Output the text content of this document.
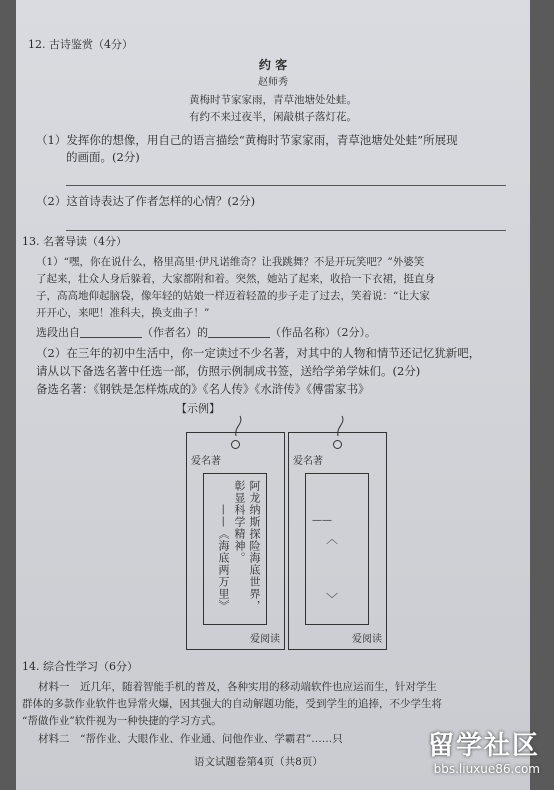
12. 古诗鉴赏（4分）
约 客
赵师秀
黄梅时节家家雨，青草池塘处处蛙。
有约不来过夜半，闲敲棋子落灯花。
（1）发挥你的想像，用自己的语言描绘“黄梅时节家家雨，青草池塘处处蛙”所展现
的画面。(2分)
（2）这首诗表达了作者怎样的心情？(2分)
13. 名著导读（4分）
（1）“嘿，你在说什么，格里高里·伊凡诺维奇？让我跳舞？不是开玩笑吧？”外婆笑
了起来，壮众人身后躲着，大家都附和着。突然，她站了起来，收拾一下衣裙，挺直身
子，高高地仰起脑袋，像年轻的姑娘一样迈着轻盈的步子走了过去，笑着说：“让大家
开开心，来吧！准科夫，换支曲子！”
选段出自	（作者名）的	（作品名称）（2分）。
（2）在三年的初中生活中，你一定读过不少名著，对其中的人物和情节还记忆犹新吧，
请从以下备选名著中任选一部，仿照示例制成书签，送给学弟学妹们。(2分)
备选名著：《钢铁是怎样炼成的》《名人传》《水浒传》《傅雷家书》
【示例】
爱名著
阿龙纳斯探险海底世界，
彰显科学精神。
——《海底两万里》
爱阅读
爱名著
——
︿
﹀
爱阅读
14. 综合性学习（6分）
材料一　近几年，随着智能手机的普及，各种实用的移动端软件也应运而生，针对学生
群体的多款作业软件也异常火爆，因其强大的自动解题功能，受到学生的追捧，不少学生将
“帮做作业”软件视为一种快捷的学习方式。
材料二　“帮作业、大眼作业、作业通、问他作业、学霸君”……只
语文试题卷第4页（共8页）
留学社区
bbs.liuxue86.com
